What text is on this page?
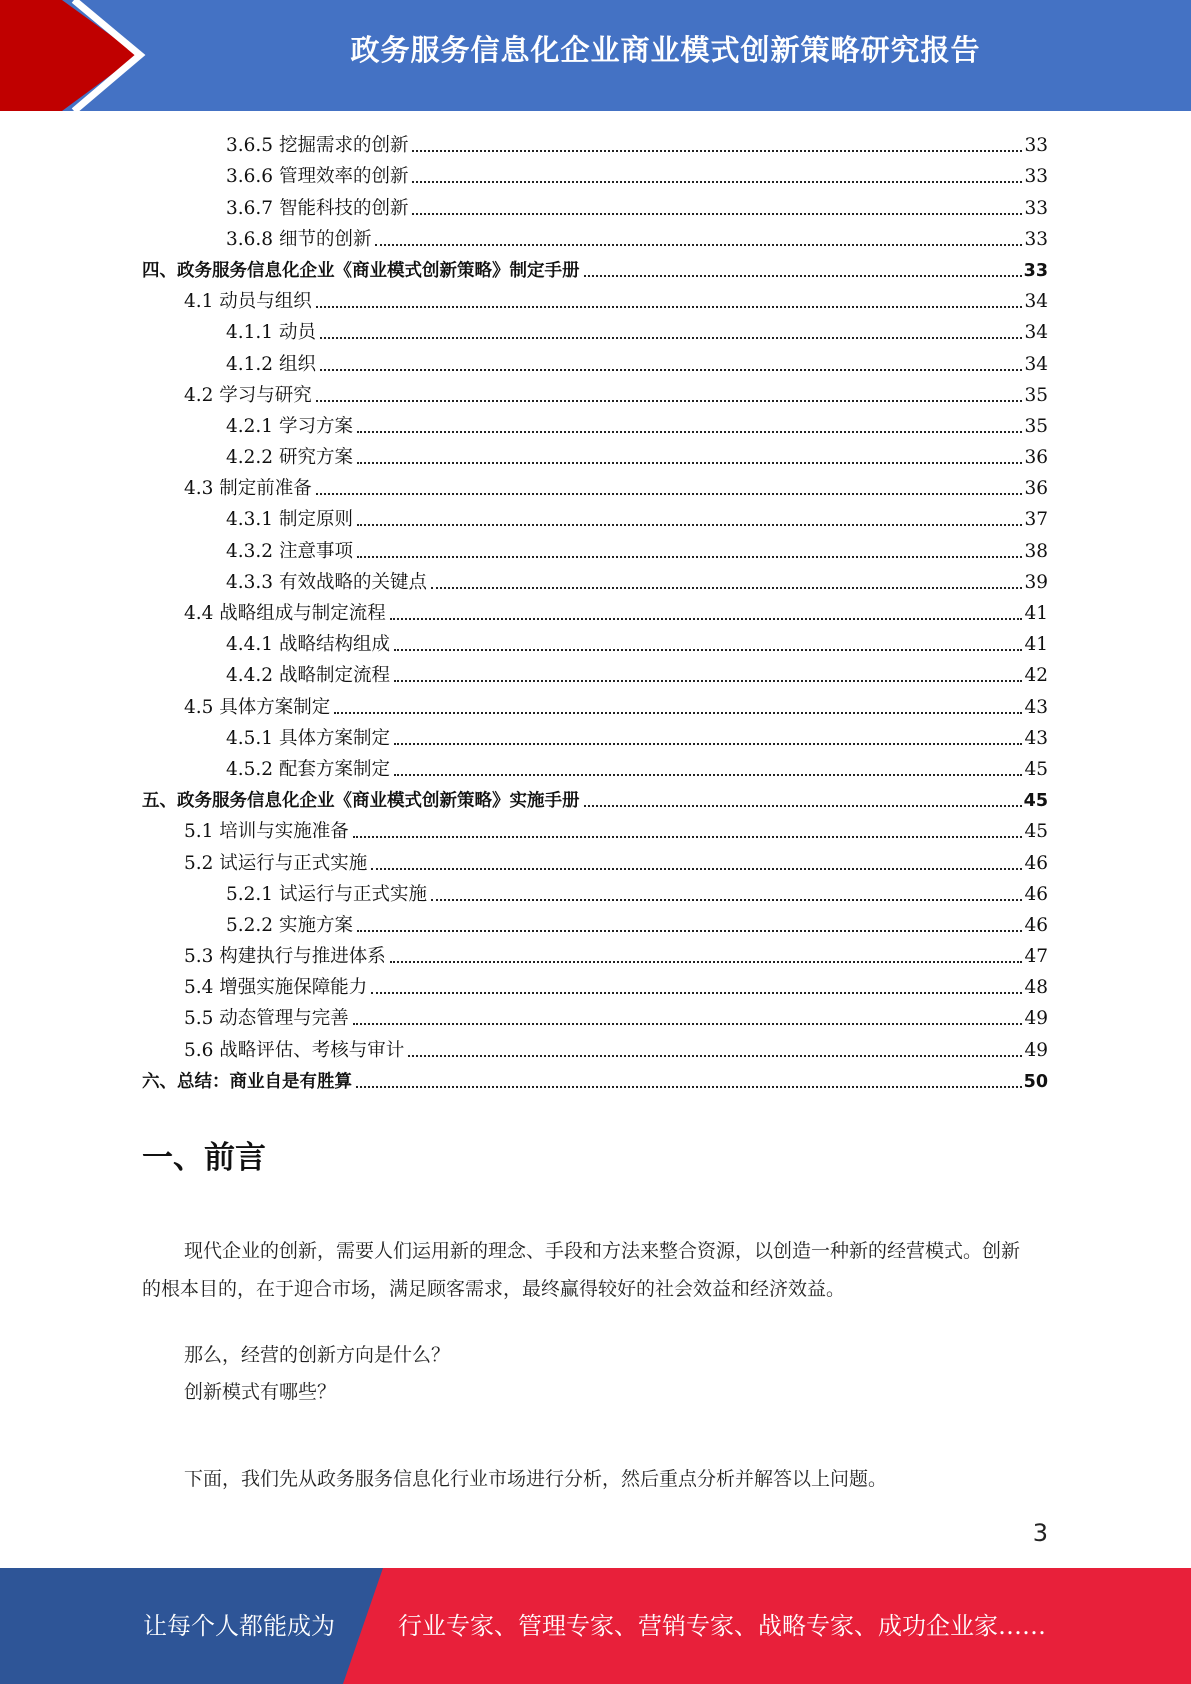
政务服务信息化企业商业模式创新策略研究报告
3.6.5 挖掘需求的创新	33
3.6.6 管理效率的创新	33
3.6.7 智能科技的创新	33
3.6.8 细节的创新	33
四、政务服务信息化企业《商业模式创新策略》制定手册	33
4.1 动员与组织	34
4.1.1 动员	34
4.1.2 组织	34
4.2 学习与研究	35
4.2.1 学习方案	35
4.2.2 研究方案	36
4.3 制定前准备	36
4.3.1 制定原则	37
4.3.2 注意事项	38
4.3.3 有效战略的关键点	39
4.4 战略组成与制定流程	41
4.4.1 战略结构组成	41
4.4.2 战略制定流程	42
4.5 具体方案制定	43
4.5.1 具体方案制定	43
4.5.2 配套方案制定	45
五、政务服务信息化企业《商业模式创新策略》实施手册	45
5.1 培训与实施准备	45
5.2 试运行与正式实施	46
5.2.1 试运行与正式实施	46
5.2.2 实施方案	46
5.3 构建执行与推进体系	47
5.4 增强实施保障能力	48
5.5 动态管理与完善	49
5.6 战略评估、考核与审计	49
六、总结：商业自是有胜算	50
一、前言
现代企业的创新，需要人们运用新的理念、手段和方法来整合资源，以创造一种新的经营模式。创新的根本目的，在于迎合市场，满足顾客需求，最终赢得较好的社会效益和经济效益。
那么，经营的创新方向是什么？
创新模式有哪些？
下面，我们先从政务服务信息化行业市场进行分析，然后重点分析并解答以上问题。
3
让每个人都能成为	行业专家、管理专家、营销专家、战略专家、成功企业家……
